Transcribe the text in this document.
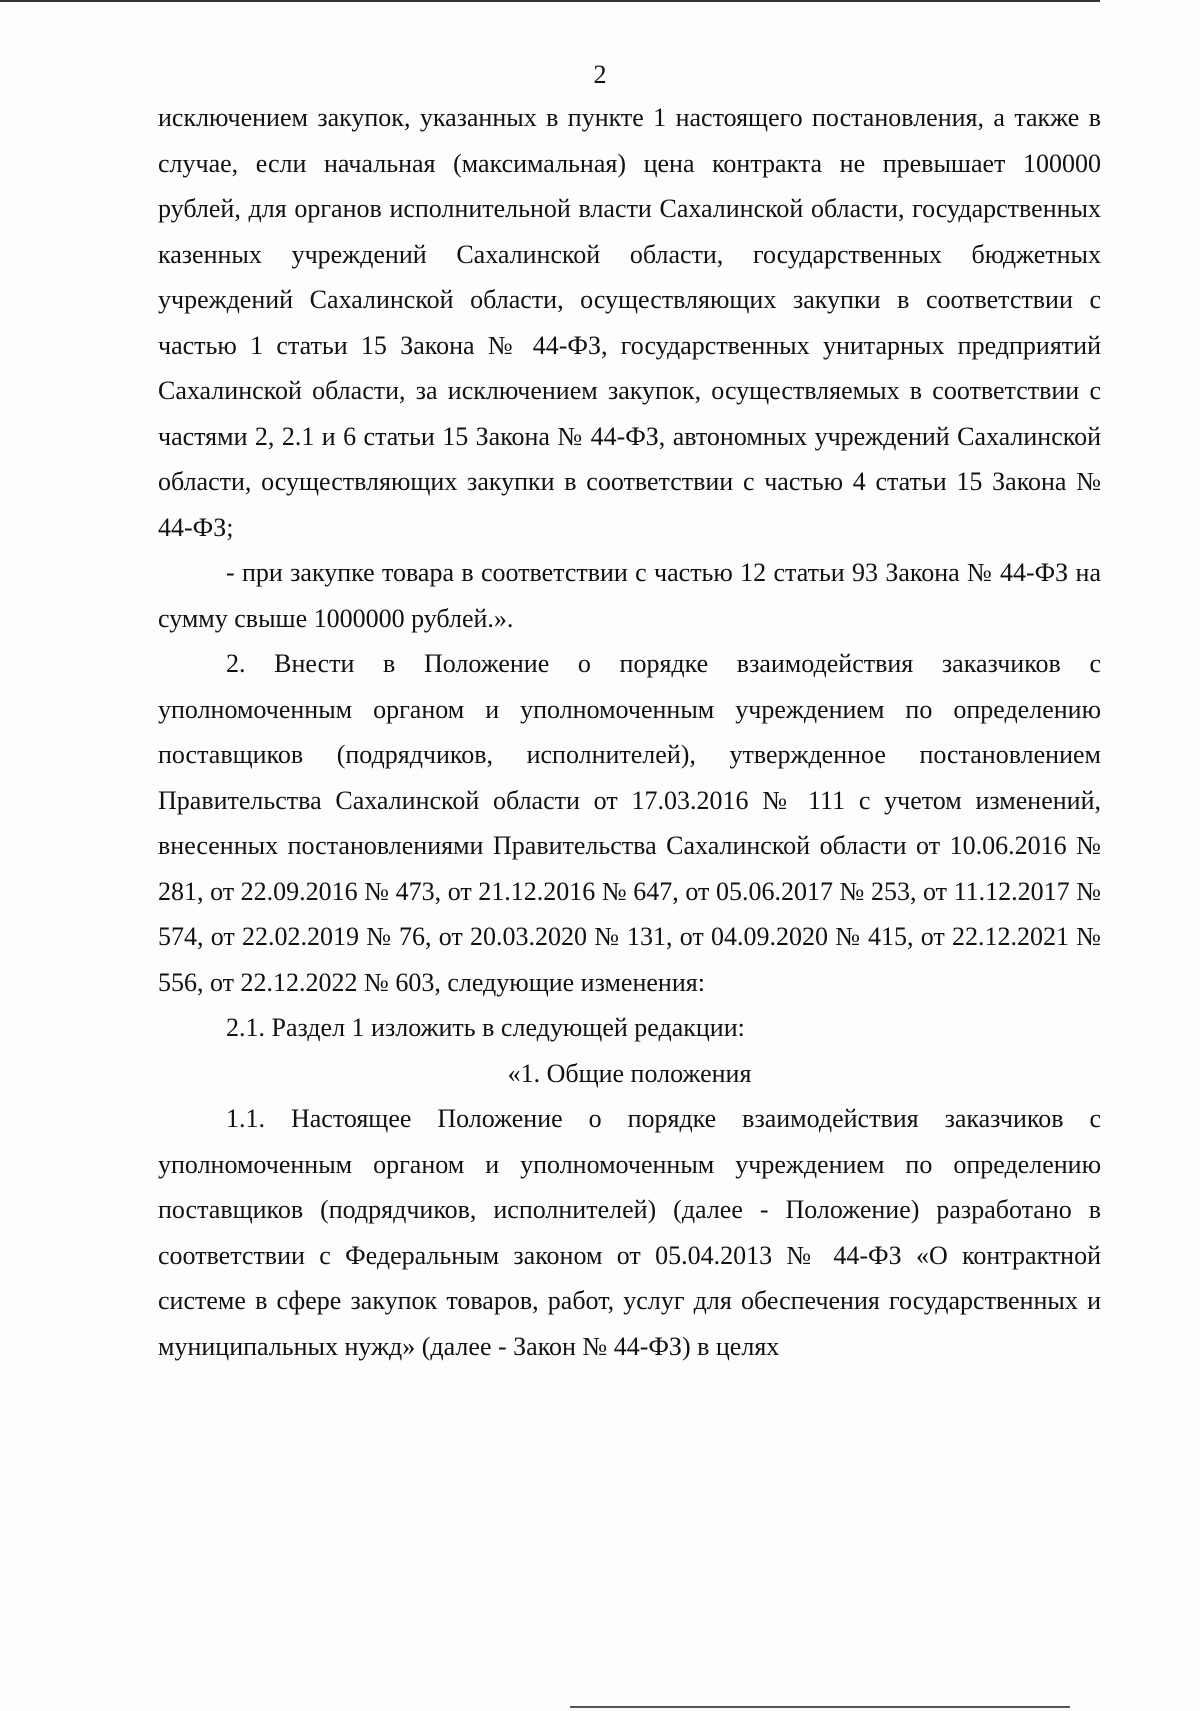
2

исключением закупок, указанных в пункте 1 настоящего постановления, а также в случае, если начальная (максимальная) цена контракта не превышает 100000 рублей, для органов исполнительной власти Сахалинской области, государственных казенных учреждений Сахалинской области, государственных бюджетных учреждений Сахалинской области, осуществляющих закупки в соответствии с частью 1 статьи 15 Закона № 44-ФЗ, государственных унитарных предприятий Сахалинской области, за исключением закупок, осуществляемых в соответствии с частями 2, 2.1 и 6 статьи 15 Закона № 44-ФЗ, автономных учреждений Сахалинской области, осуществляющих закупки в соответствии с частью 4 статьи 15 Закона № 44-ФЗ;

- при закупке товара в соответствии с частью 12 статьи 93 Закона № 44-ФЗ на сумму свыше 1000000 рублей.».

2. Внести в Положение о порядке взаимодействия заказчиков с уполномоченным органом и уполномоченным учреждением по определению поставщиков (подрядчиков, исполнителей), утвержденное постановлением Правительства Сахалинской области от 17.03.2016 № 111 с учетом изменений, внесенных постановлениями Правительства Сахалинской области от 10.06.2016 № 281, от 22.09.2016 № 473, от 21.12.2016 № 647, от 05.06.2017 № 253, от 11.12.2017 № 574, от 22.02.2019 № 76, от 20.03.2020 № 131, от 04.09.2020 № 415, от 22.12.2021 № 556, от 22.12.2022 № 603, следующие изменения:

2.1. Раздел 1 изложить в следующей редакции:

«1. Общие положения

1.1. Настоящее Положение о порядке взаимодействия заказчиков с уполномоченным органом и уполномоченным учреждением по определению поставщиков (подрядчиков, исполнителей) (далее - Положение) разработано в соответствии с Федеральным законом от 05.04.2013 № 44-ФЗ «О контрактной системе в сфере закупок товаров, работ, услуг для обеспечения государственных и муниципальных нужд» (далее - Закон № 44-ФЗ) в целях
